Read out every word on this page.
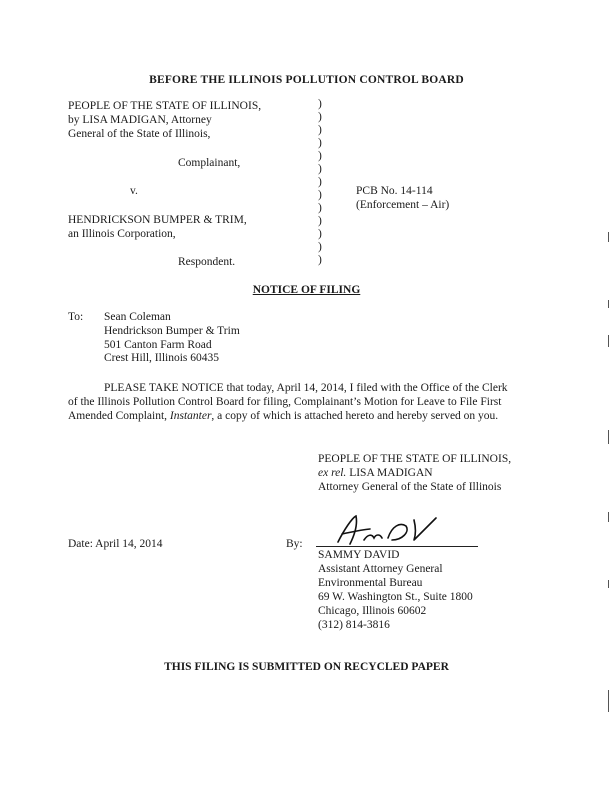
BEFORE THE ILLINOIS POLLUTION CONTROL BOARD
PEOPLE OF THE STATE OF ILLINOIS,
by LISA MADIGAN, Attorney
General of the State of Illinois,
Complainant,
v.
HENDRICKSON BUMPER & TRIM,
an Illinois Corporation,
Respondent.
)
)
)
)
)
)
)
)
)
)
)
)
)
PCB No. 14-114
(Enforcement – Air)
NOTICE OF FILING
To: Sean Coleman
Hendrickson Bumper & Trim
501 Canton Farm Road
Crest Hill, Illinois 60435
PLEASE TAKE NOTICE that today, April 14, 2014, I filed with the Office of the Clerk
of the Illinois Pollution Control Board for filing, Complainant’s Motion for Leave to File First
Amended Complaint, Instanter, a copy of which is attached hereto and hereby served on you.
PEOPLE OF THE STATE OF ILLINOIS,
ex rel. LISA MADIGAN
Attorney General of the State of Illinois
Date: April 14, 2014	By:
SAMMY DAVID
Assistant Attorney General
Environmental Bureau
69 W. Washington St., Suite 1800
Chicago, Illinois 60602
(312) 814-3816
THIS FILING IS SUBMITTED ON RECYCLED PAPER
